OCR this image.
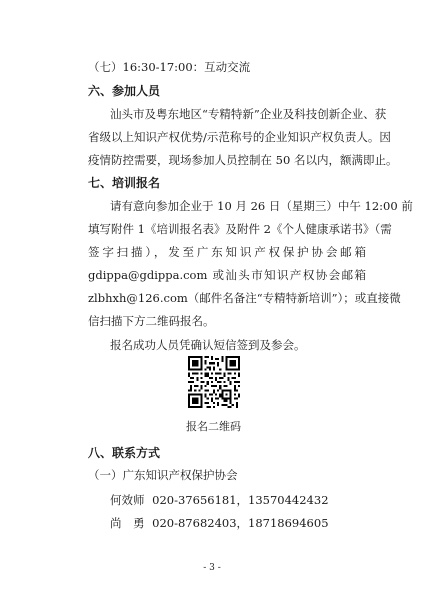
（七）16:30-17:00：互动交流
六、参加人员
汕头市及粤东地区“专精特新”企业及科技创新企业、获
省级以上知识产权优势/示范称号的企业知识产权负责人。因
疫情防控需要，现场参加人员控制在 50 名以内，额满即止。
七、培训报名
请有意向参加企业于 10 月 26 日（星期三）中午 12:00 前
填写附件 1《培训报名表》及附件 2《个人健康承诺书》（需
签字扫描），发至广东知识产权保护协会邮箱
gdippa@gdippa.com 或汕头市知识产权协会邮箱
zlbhxh@126.com（邮件名备注“专精特新培训”）；或直接微
信扫描下方二维码报名。
报名二维码
八、联系方式
（一）广东知识产权保护协会
何效师 020-37656181，13570442432
尚　勇 020-87682403，18718694605
- 3 -
报名成功人员凭确认短信签到及参会。
